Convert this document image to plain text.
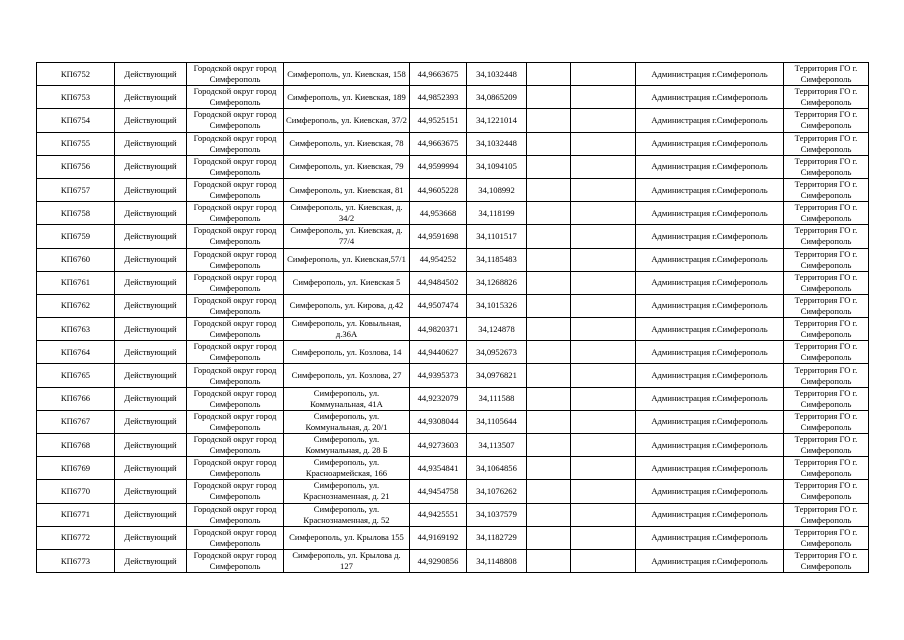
КП6752	Действующий	Городской округ город Симферополь	Симферополь, ул. Киевская, 158	44,9663675	34,1032448			Администрация г.Симферополь	Территория ГО г. Симферополь
КП6753	Действующий	Городской округ город Симферополь	Симферополь, ул. Киевская, 189	44,9852393	34,0865209			Администрация г.Симферополь	Территория ГО г. Симферополь
КП6754	Действующий	Городской округ город Симферополь	Симферополь, ул. Киевская, 37/2	44,9525151	34,1221014			Администрация г.Симферополь	Территория ГО г. Симферополь
КП6755	Действующий	Городской округ город Симферополь	Симферополь, ул. Киевская, 78	44,9663675	34,1032448			Администрация г.Симферополь	Территория ГО г. Симферополь
КП6756	Действующий	Городской округ город Симферополь	Симферополь, ул. Киевская, 79	44,9599994	34,1094105			Администрация г.Симферополь	Территория ГО г. Симферополь
КП6757	Действующий	Городской округ город Симферополь	Симферополь, ул. Киевская, 81	44,9605228	34,108992			Администрация г.Симферополь	Территория ГО г. Симферополь
КП6758	Действующий	Городской округ город Симферополь	Симферополь, ул. Киевская, д. 34/2	44,953668	34,118199			Администрация г.Симферополь	Территория ГО г. Симферополь
КП6759	Действующий	Городской округ город Симферополь	Симферополь, ул. Киевская, д. 77/4	44,9591698	34,1101517			Администрация г.Симферополь	Территория ГО г. Симферополь
КП6760	Действующий	Городской округ город Симферополь	Симферополь, ул. Киевская,57/1	44,954252	34,1185483			Администрация г.Симферополь	Территория ГО г. Симферополь
КП6761	Действующий	Городской округ город Симферополь	Симферополь, ул. Киевская 5	44,9484502	34,1268826			Администрация г.Симферополь	Территория ГО г. Симферополь
КП6762	Действующий	Городской округ город Симферополь	Симферополь, ул. Кирова, д.42	44,9507474	34,1015326			Администрация г.Симферополь	Территория ГО г. Симферополь
КП6763	Действующий	Городской округ город Симферополь	Симферополь, ул. Ковыльная, д.36А	44,9820371	34,124878			Администрация г.Симферополь	Территория ГО г. Симферополь
КП6764	Действующий	Городской округ город Симферополь	Симферополь, ул. Козлова, 14	44,9440627	34,0952673			Администрация г.Симферополь	Территория ГО г. Симферополь
КП6765	Действующий	Городской округ город Симферополь	Симферополь, ул. Козлова, 27	44,9395373	34,0976821			Администрация г.Симферополь	Территория ГО г. Симферополь
КП6766	Действующий	Городской округ город Симферополь	Симферополь, ул. Коммунальная, 41А	44,9232079	34,111588			Администрация г.Симферополь	Территория ГО г. Симферополь
КП6767	Действующий	Городской округ город Симферополь	Симферополь, ул. Коммунальная, д. 20/1	44,9308044	34,1105644			Администрация г.Симферополь	Территория ГО г. Симферополь
КП6768	Действующий	Городской округ город Симферополь	Симферополь, ул. Коммунальная, д. 28 Б	44,9273603	34,113507			Администрация г.Симферополь	Территория ГО г. Симферополь
КП6769	Действующий	Городской округ город Симферополь	Симферополь, ул. Красноармейская, 166	44,9354841	34,1064856			Администрация г.Симферополь	Территория ГО г. Симферополь
КП6770	Действующий	Городской округ город Симферополь	Симферополь, ул. Краснознаменная, д. 21	44,9454758	34,1076262			Администрация г.Симферополь	Территория ГО г. Симферополь
КП6771	Действующий	Городской округ город Симферополь	Симферополь, ул. Краснознаменная, д. 52	44,9425551	34,1037579			Администрация г.Симферополь	Территория ГО г. Симферополь
КП6772	Действующий	Городской округ город Симферополь	Симферополь, ул. Крылова 155	44,9169192	34,1182729			Администрация г.Симферополь	Территория ГО г. Симферополь
КП6773	Действующий	Городской округ город Симферополь	Симферополь, ул. Крылова д. 127	44,9290856	34,1148808			Администрация г.Симферополь	Территория ГО г. Симферополь
